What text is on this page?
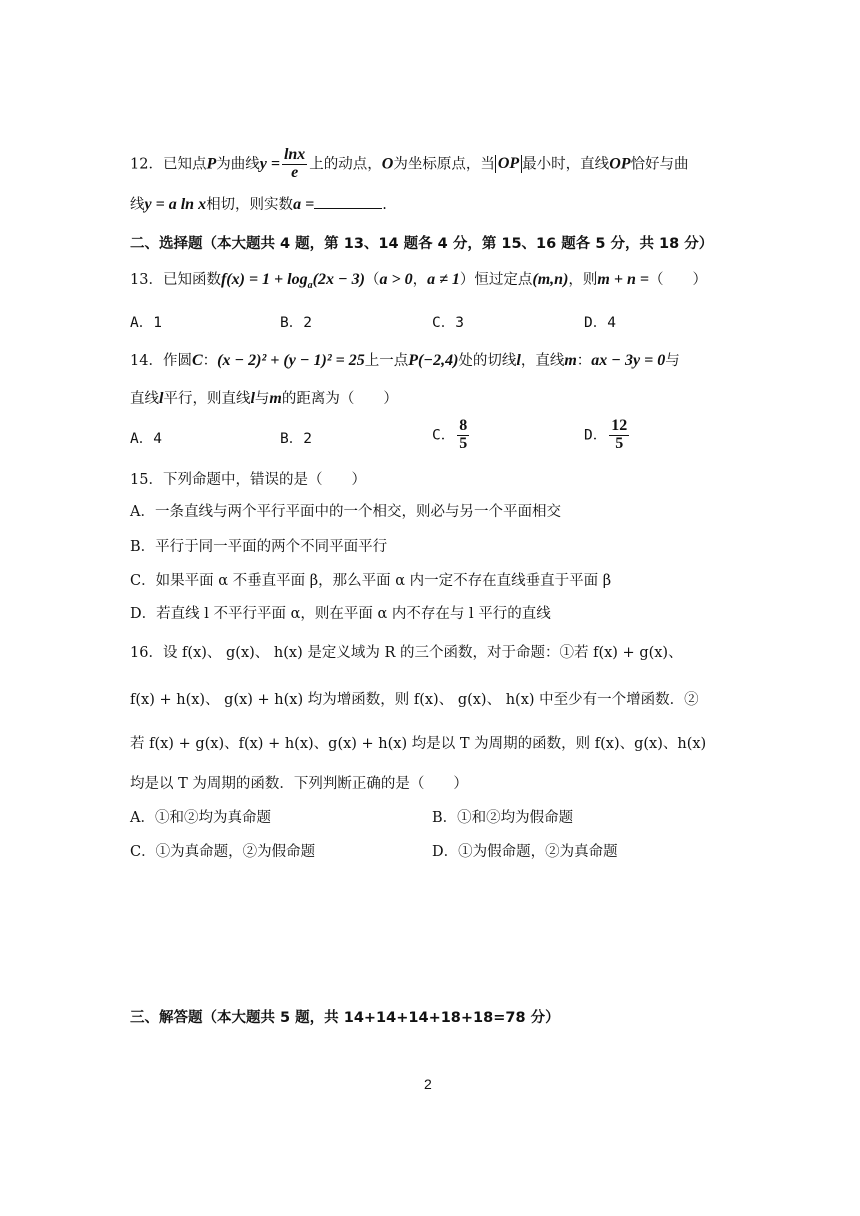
12．已知点P为曲线$y = \frac{\ln x}{e}$ 上的动点，O为坐标原点，当 OP 最小时，直线OP恰好与曲
线y = a ln x相切，则实数a =	.
二、选择题（本大题共 4 题，第 13、14 题各 4 分，第 15、16 题各 5 分，共 18 分）
13．已知函数$f(x) = 1 + \log_a(2x - 3)(a > 0$，a ≠ 1）恒过定点(m,n)，则m + n =（　　）
A．1	B．2	C．3	D．4
14．作圆C：(x − 2)² + (y − 1)² = 25上一点P(−2,4)处的切线l，直线m：ax − 3y = 0与
直线l平行，则直线l与m的距离为（　　）
A．4	B．2	C． $\frac{8}{5}$	D． $\frac{12}{5}$
15．下列命题中，错误的是（　　）
A．一条直线与两个平行平面中的一个相交，则必与另一个平面相交
B．平行于同一平面的两个不同平面平行
C．如果平面 α 不垂直平面 β，那么平面 α 内一定不存在直线垂直于平面 β
D．若直线 l 不平行平面 α，则在平面 α 内不存在与 l 平行的直线
16．设 f(x)、 g(x)、 h(x) 是定义域为 R 的三个函数，对于命题：①若 f(x) + g(x)、
f(x) + h(x)、 g(x) + h(x) 均为增函数，则 f(x)、 g(x)、 h(x) 中至少有一个增函数．②
若 f(x) + g(x)、f(x) + h(x)、g(x) + h(x) 均是以 T 为周期的函数，则 f(x)、g(x)、h(x)
均是以 T 为周期的函数．下列判断正确的是（　　）
A．①和②均为真命题	B．①和②均为假命题
C．①为真命题，②为假命题	D．①为假命题，②为真命题
三、解答题（本大题共 5 题，共 14+14+14+18+18=78 分）
2
